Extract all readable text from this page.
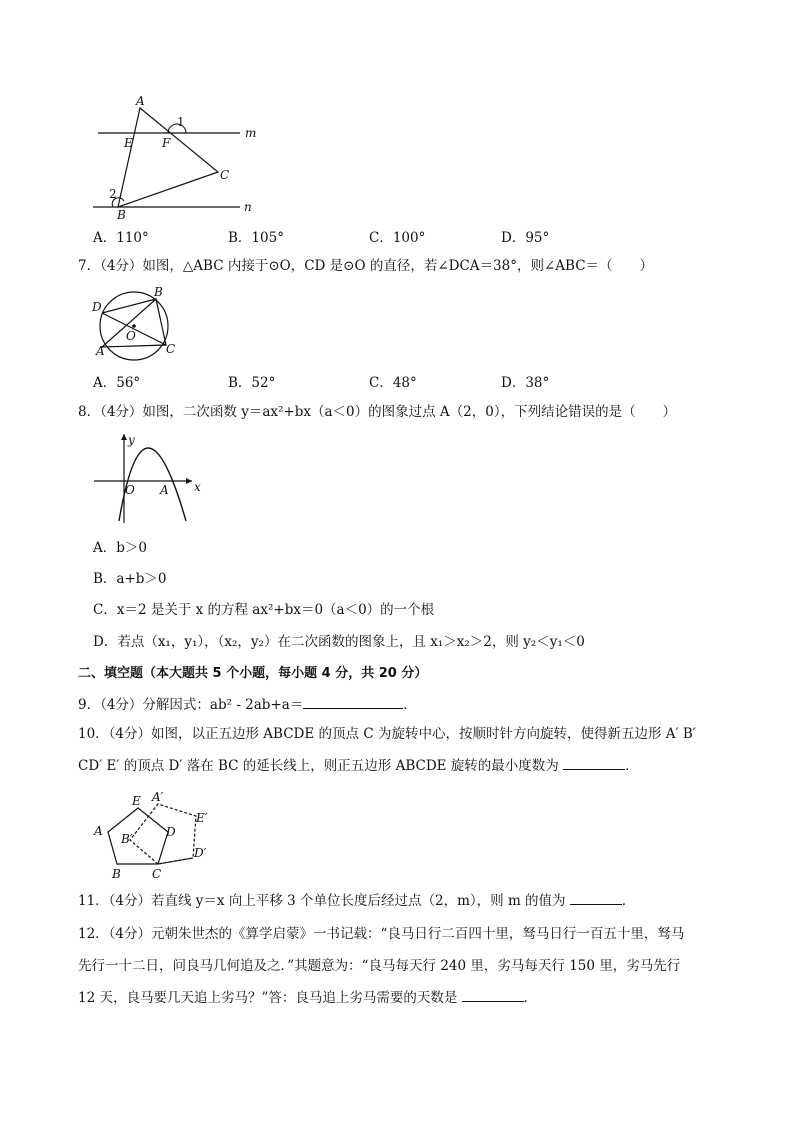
A
E F
1
m
C
2
B
n
A．110°	B．105°	C．100°	D．95°
7．（4分）如图，△ABC 内接于⊙O，CD 是⊙O 的直径，若∠DCA＝38°，则∠ABC＝（　　）
D
B
O
A	C
A．56°	B．52°	C．48°	D．38°
8．（4分）如图，二次函数 y＝ax²+bx（a＜0）的图象过点 A（2，0），下列结论错误的是（　　）
y
O A x
A．b＞0
B．a+b＞0
C．x＝2 是关于 x 的方程 ax²+bx＝0（a＜0）的一个根
D．若点（x₁，y₁），（x₂，y₂）在二次函数的图象上，且 x₁＞x₂＞2，则 y₂＜y₁＜0
二、填空题（本大题共 5 个小题，每小题 4 分，共 20 分）
9．（4分）分解因式：ab² - 2ab+a＝	．
10．（4分）如图，以正五边形 ABCDE 的顶点 C 为旋转中心，按顺时针方向旋转，使得新五边形 A′ B′
CD′ E′ 的顶点 D′ 落在 BC 的延长线上，则正五边形 ABCDE 旋转的最小度数为	．
E A′
E′
A
B′	D
D′
B	C
11．（4分）若直线 y＝x 向上平移 3 个单位长度后经过点（2，m），则 m 的值为	．
12．（4分）元朝朱世杰的《算学启蒙》一书记载：“良马日行二百四十里，驽马日行一百五十里，驽马
先行一十二日，问良马几何追及之．”其题意为：“良马每天行 240 里，劣马每天行 150 里，劣马先行
12 天，良马要几天追上劣马？”答：良马追上劣马需要的天数是	．
